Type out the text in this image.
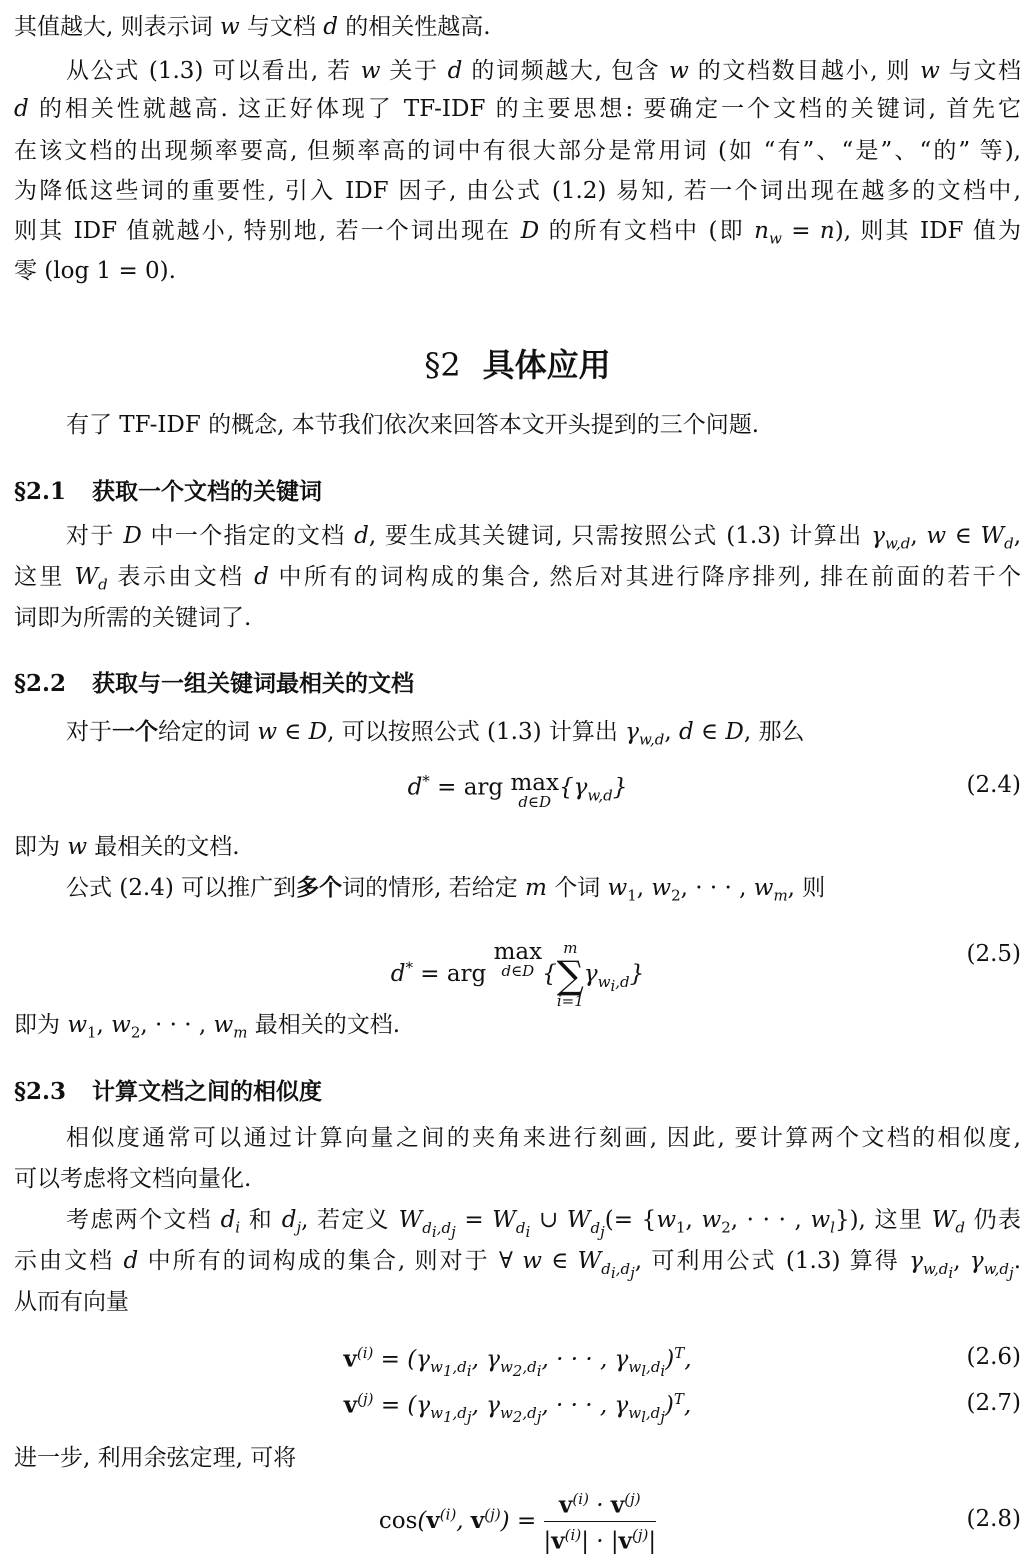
其值越大, 则表示词 w 与文档 d 的相关性越高.
从公式 (1.3) 可以看出, 若 w 关于 d 的词频越大, 包含 w 的文档数目越小, 则 w 与文档
d 的相关性就越高. 这正好体现了 TF-IDF 的主要思想: 要确定一个文档的关键词, 首先它
在该文档的出现频率要高, 但频率高的词中有很大部分是常用词 (如 “有”、“是”、“的” 等),
为降低这些词的重要性, 引入 IDF 因子, 由公式 (1.2) 易知, 若一个词出现在越多的文档中,
则其 IDF 值就越小, 特别地, 若一个词出现在 D 的所有文档中 (即 $n_w = n$), 则其 IDF 值为
零 (log 1 = 0).
§2 具体应用
有了 TF-IDF 的概念, 本节我们依次来回答本文开头提到的三个问题.
§2.1 获取一个文档的关键词
对于 D 中一个指定的文档 d, 要生成其关键词, 只需按照公式 (1.3) 计算出 $\gamma_{w,d}$, w ∈ $W_d$,
这里 $W_d$ 表示由文档 d 中所有的词构成的集合, 然后对其进行降序排列, 排在前面的若干个
词即为所需的关键词了.
§2.2 获取与一组关键词最相关的文档
对于一个给定的词 w ∈ D, 可以按照公式 (1.3) 计算出 $\gamma_{w,d}$, d ∈ D, 那么
d* = arg max
d∈D
$\{\gamma_{w,d}\}$	(2.4)
即为 w 最相关的文档.
公式 (2.4) 可以推广到多个词的情形, 若给定 m 个词 $w_1$, $w_2$, · · · , $w_m$, 则
d* = arg max
d∈D {
m
∑
i=1
$\gamma_{w_i,d}$}
(2.5)
即为 $w_1$, $w_2$, · · · , $w_m$ 最相关的文档.
§2.3 计算文档之间的相似度
相似度通常可以通过计算向量之间的夹角来进行刻画, 因此, 要计算两个文档的相似度,
可以考虑将文档向量化.
考虑两个文档 $d_i$ 和 $d_j$, 若定义 $W_{d_i,d_j} = W_{d_i}$ ∪ $W_{d_j}(= \{w_1$, $w_2$, · · · , $w_l$}), 这里 $W_d$ 仍表
示由文档 d 中所有的词构成的集合, 则对于 ∀ w ∈ $W_{d_i,d_j}$, 可利用公式 (1.3) 算得 $\gamma_{w,d_i}$, $\gamma_{w,d_j}$.
从而有向量
$v^{(i)} = (\gamma_{w_1,d_i}$, $\gamma_{w_2,d_i}$, · · · , $\gamma_{w_l,d_i})^T$,	(2.6)
$v^{(j)} = (\gamma_{w_1,d_j}$, $\gamma_{w_2,d_j}$, · · · , $\gamma_{w_l,d_j})^T$,	(2.7)
进一步, 利用余弦定理, 可将
$\cos(v^{(i)}$, $v^{(j)}) = \frac{v^{(i)} \cdot v^{(j)}}{|v^{(i)}| \cdot |v^{(j)}|}$	(2.8)
